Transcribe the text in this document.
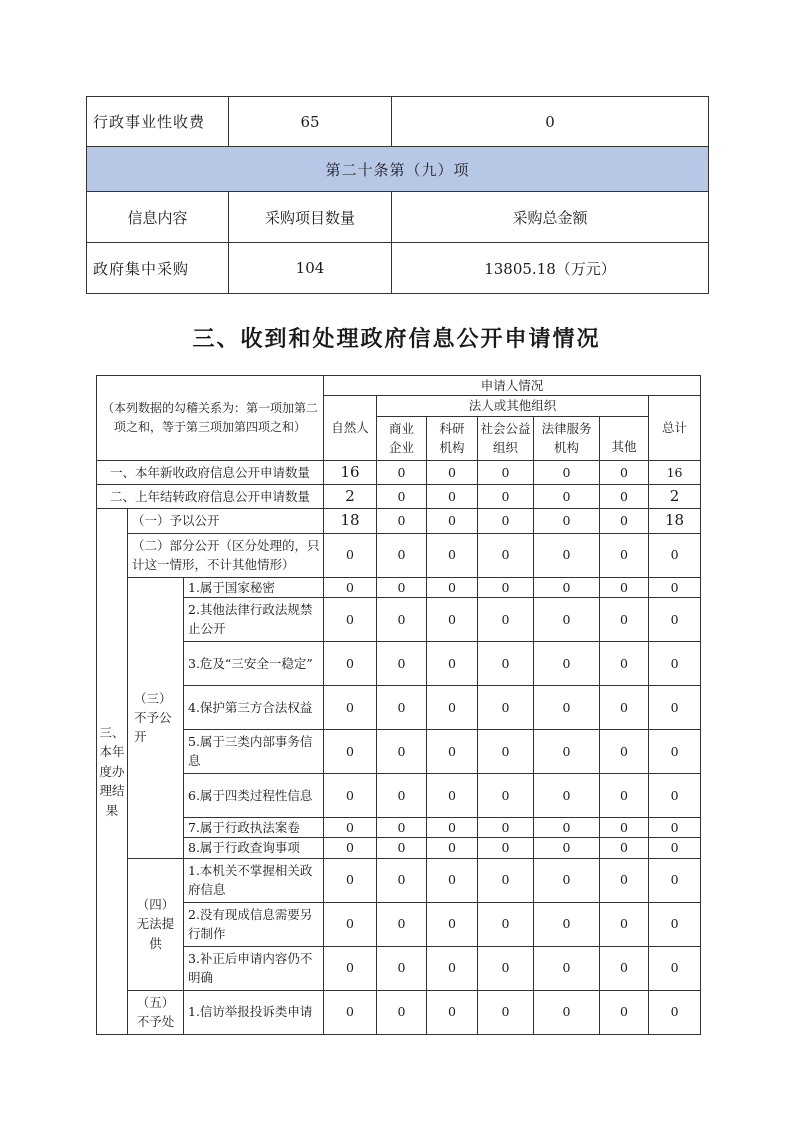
行政事业性收费	65	0
第二十条第（九）项		
信息内容	采购项目数量	采购总金额
政府集中采购	104	13805.18（万元）
三、收到和处理政府信息公开申请情况
（本列数据的勾稽关系为：第一项加第二项之和，等于第三项加第四项之和）			申请人情况						
			自然人	法人或其他组织					总计
				商业企业	科研机构	社会公益组织	法律服务机构	其他	
一、本年新收政府信息公开申请数量			16	0	0	0	0	0	16
二、上年结转政府信息公开申请数量			2	0	0	0	0	0	2
三、本年度办理结果	（一）予以公开		18	0	0	0	0	0	18
	（二）部分公开（区分处理的，只计这一情形，不计其他情形）		0	0	0	0	0	0	0
	（三）不予公开	1.属于国家秘密	0	0	0	0	0	0	0
		2.其他法律行政法规禁止公开	0	0	0	0	0	0	0
		3.危及“三安全一稳定”	0	0	0	0	0	0	0
		4.保护第三方合法权益	0	0	0	0	0	0	0
		5.属于三类内部事务信息	0	0	0	0	0	0	0
		6.属于四类过程性信息	0	0	0	0	0	0	0
		7.属于行政执法案卷	0	0	0	0	0	0	0
		8.属于行政查询事项	0	0	0	0	0	0	0
	（四）无法提供	1.本机关不掌握相关政府信息	0	0	0	0	0	0	0
		2.没有现成信息需要另行制作	0	0	0	0	0	0	0
		3.补正后申请内容仍不明确	0	0	0	0	0	0	0
	（五）不予处	1.信访举报投诉类申请	0	0	0	0	0	0	0
